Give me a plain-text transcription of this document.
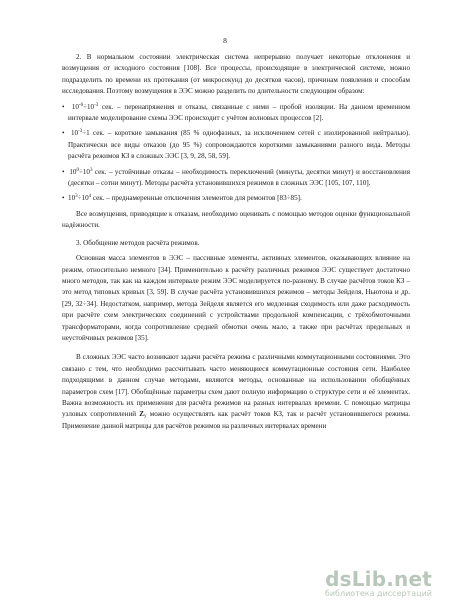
8

2. В нормальном состоянии электрическая система непрерывно получает некоторые отклонения и возмущения от исходного состояния [108]. Все процессы, происходящие в электрической системе, можно подразделить по времени их протекания (от микросекунд до десятков часов), причинам появления и способам исследования. Поэтому возмущения в ЭЭС можно разделить по длительности следующим образом:

•  $10^{-6}\div 10^{-3}$ сек. – перенапряжения и отказы, связанные с ними – пробой изоляции. На данном временном интервале моделирование схемы ЭЭС происходит с учётом волновых процессов [2].

•  $10^{-3}\div 1$ сек. – короткие замыкания (85 % однофазных, за исключением сетей с изолированной нейтралью). Практически все виды отказов (до 95 %) сопровождаются короткими замыканиями разного вида. Методы расчёта режимов КЗ в сложных ЭЭС [3, 9, 28, 58, 59].

•  $10^0\div 10^3$ сек. – устойчивые отказы – необходимость переключений (минуты, десятки минут) и восстановления (десятки – сотни минут). Методы расчёта установившихся режимов в сложных ЭЭС [105, 107, 110].

•  $10^3\div 10^4$ сек. – преднамеренные отключения элементов для ремонтов [83÷85].

Все возмущения, приводящие к отказам, необходимо оценивать с помощью методов оценки функциональной надёжности.

3. Обобщение методов расчёта режимов.

Основная масса элементов в ЭЭС – пассивные элементы, активных элементов, оказывающих влияние на режим, относительно немного [34]. Применительно к расчёту различных режимов ЭЭС существует достаточно много методов, так как на каждом интервале режим ЭЭС моделируется по-разному. В случае расчётов токов КЗ – это метод типовых кривых [3, 59]. В случае расчёта установившихся режимов – методы Зейделя, Ньютона и др. [29, 32÷34]. Недостатком, например, метода Зейделя является его медленная сходимость или даже расходимость при расчёте схем электрических соединений с устройствами продольной компенсации, с трёхобмоточными трансформаторами, когда сопротивление средней обмотки очень мало, а также при расчётах предельных и неустойчивых режимов [35].

В сложных ЭЭС часто возникают задачи расчёта режима с различными коммутационными состояниями. Это связано с тем, что необходимо рассчитывать часто меняющиеся коммутационные состояния сети. Наиболее подходящими в данном случае методами, являются методы, основанные на использовании обобщённых параметров схем [17]. Обобщённые параметры схем дают полную информацию о структуре сети и её элементах. Важна возможность их применения для расчёта режимов на разных интервалах времени. С помощью матрицы узловых сопротивлений $Z_y$ можно осуществлять как расчёт токов КЗ, так и расчёт установившегося режима. Применение данной матрицы для расчётов режимов на различных интервалах времени

dsLib.net
библиотека диссертаций
